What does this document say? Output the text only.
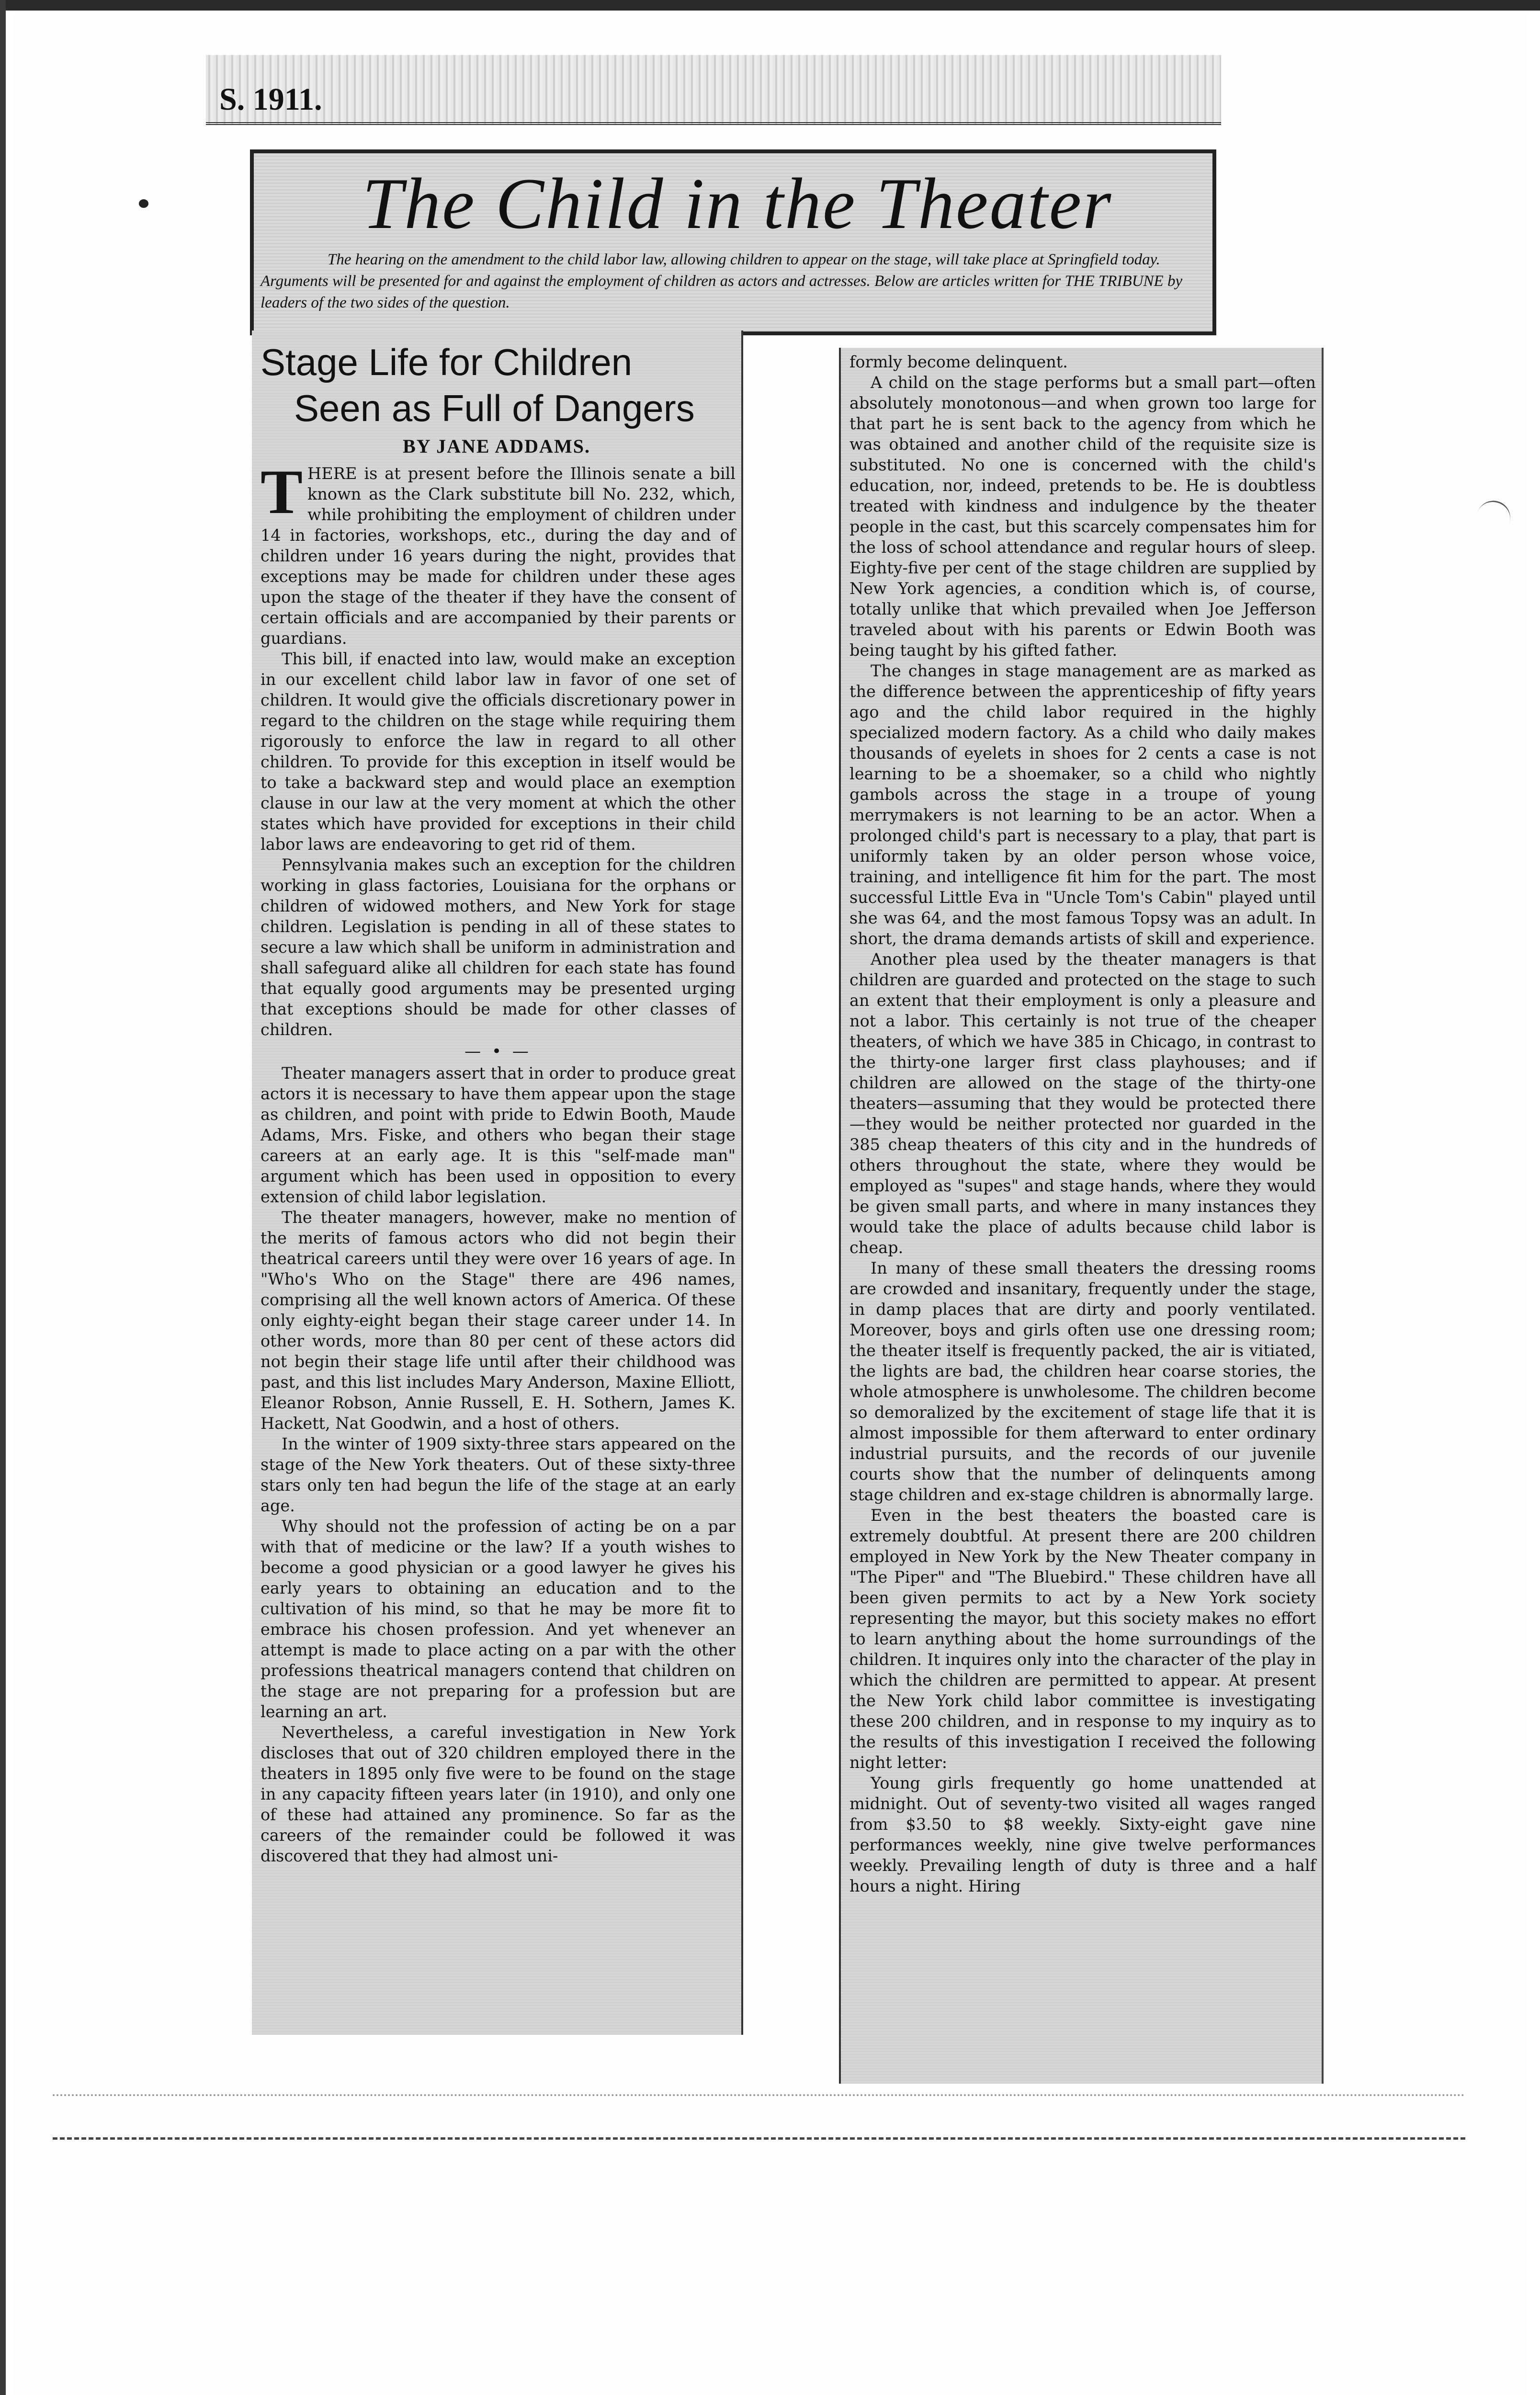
S. 1911.
The Child in the Theater
The hearing on the amendment to the child labor law, allowing children to appear on the stage, will take place at Springfield today. Arguments will be presented for and against the employment of children as actors and actresses. Below are articles written for THE TRIBUNE by leaders of the two sides of the question.
Stage Life for Children
Seen as Full of Dangers
BY JANE ADDAMS.

THERE is at present before the Illinois senate a bill known as the Clark substitute bill No. 232, which, while prohibiting the employment of children under 14 in factories, workshops, etc., during the day and of children under 16 years during the night, provides that exceptions may be made for children under these ages upon the stage of the theater if they have the consent of certain officials and are accompanied by their parents or guardians.

This bill, if enacted into law, would make an exception in our excellent child labor law in favor of one set of children. It would give the officials discretionary power in regard to the children on the stage while requiring them rigorously to enforce the law in regard to all other children. To provide for this exception in itself would be to take a backward step and would place an exemption clause in our law at the very moment at which the other states which have provided for exceptions in their child labor laws are endeavoring to get rid of them.

Pennsylvania makes such an exception for the children working in glass factories, Louisiana for the orphans or children of widowed mothers, and New York for stage children. Legislation is pending in all of these states to secure a law which shall be uniform in administration and shall safeguard alike all children for each state has found that equally good arguments may be presented urging that exceptions should be made for other classes of children.

— • —

Theater managers assert that in order to produce great actors it is necessary to have them appear upon the stage as children, and point with pride to Edwin Booth, Maude Adams, Mrs. Fiske, and others who began their stage careers at an early age. It is this "self-made man" argument which has been used in opposition to every extension of child labor legislation.

The theater managers, however, make no mention of the merits of famous actors who did not begin their theatrical careers until they were over 16 years of age. In "Who's Who on the Stage" there are 496 names, comprising all the well known actors of America. Of these only eighty-eight began their stage career under 14. In other words, more than 80 per cent of these actors did not begin their stage life until after their childhood was past, and this list includes Mary Anderson, Maxine Elliott, Eleanor Robson, Annie Russell, E. H. Sothern, James K. Hackett, Nat Goodwin, and a host of others.

In the winter of 1909 sixty-three stars appeared on the stage of the New York theaters. Out of these sixty-three stars only ten had begun the life of the stage at an early age.

Why should not the profession of acting be on a par with that of medicine or the law? If a youth wishes to become a good physician or a good lawyer he gives his early years to obtaining an education and to the cultivation of his mind, so that he may be more fit to embrace his chosen profession. And yet whenever an attempt is made to place acting on a par with the other professions theatrical managers contend that children on the stage are not preparing for a profession but are learning an art.

Nevertheless, a careful investigation in New York discloses that out of 320 children employed there in the theaters in 1895 only five were to be found on the stage in any capacity fifteen years later (in 1910), and only one of these had attained any prominence. So far as the careers of the remainder could be followed it was discovered that they had almost uni-

formly become delinquent.

A child on the stage performs but a small part—often absolutely monotonous—and when grown too large for that part he is sent back to the agency from which he was obtained and another child of the requisite size is substituted. No one is concerned with the child's education, nor, indeed, pretends to be. He is doubtless treated with kindness and indulgence by the theater people in the cast, but this scarcely compensates him for the loss of school attendance and regular hours of sleep. Eighty-five per cent of the stage children are supplied by New York agencies, a condition which is, of course, totally unlike that which prevailed when Joe Jefferson traveled about with his parents or Edwin Booth was being taught by his gifted father.

The changes in stage management are as marked as the difference between the apprenticeship of fifty years ago and the child labor required in the highly specialized modern factory. As a child who daily makes thousands of eyelets in shoes for 2 cents a case is not learning to be a shoemaker, so a child who nightly gambols across the stage in a troupe of young merrymakers is not learning to be an actor. When a prolonged child's part is necessary to a play, that part is uniformly taken by an older person whose voice, training, and intelligence fit him for the part. The most successful Little Eva in "Uncle Tom's Cabin" played until she was 64, and the most famous Topsy was an adult. In short, the drama demands artists of skill and experience.

Another plea used by the theater managers is that children are guarded and protected on the stage to such an extent that their employment is only a pleasure and not a labor. This certainly is not true of the cheaper theaters, of which we have 385 in Chicago, in contrast to the thirty-one larger first class playhouses; and if children are allowed on the stage of the thirty-one theaters—assuming that they would be protected there—they would be neither protected nor guarded in the 385 cheap theaters of this city and in the hundreds of others throughout the state, where they would be employed as "supes" and stage hands, where they would be given small parts, and where in many instances they would take the place of adults because child labor is cheap.

In many of these small theaters the dressing rooms are crowded and insanitary, frequently under the stage, in damp places that are dirty and poorly ventilated. Moreover, boys and girls often use one dressing room; the theater itself is frequently packed, the air is vitiated, the lights are bad, the children hear coarse stories, the whole atmosphere is unwholesome. The children become so demoralized by the excitement of stage life that it is almost impossible for them afterward to enter ordinary industrial pursuits, and the records of our juvenile courts show that the number of delinquents among stage children and ex-stage children is abnormally large.

Even in the best theaters the boasted care is extremely doubtful. At present there are 200 children employed in New York by the New Theater company in "The Piper" and "The Bluebird." These children have all been given permits to act by a New York society representing the mayor, but this society makes no effort to learn anything about the home surroundings of the children. It inquires only into the character of the play in which the children are permitted to appear. At present the New York child labor committee is investigating these 200 children, and in response to my inquiry as to the results of this investigation I received the following night letter:

Young girls frequently go home unattended at midnight. Out of seventy-two visited all wages ranged from $3.50 to $8 weekly. Sixty-eight gave nine performances weekly, nine give twelve performances weekly. Prevailing length of duty is three and a half hours a night. Hiring
